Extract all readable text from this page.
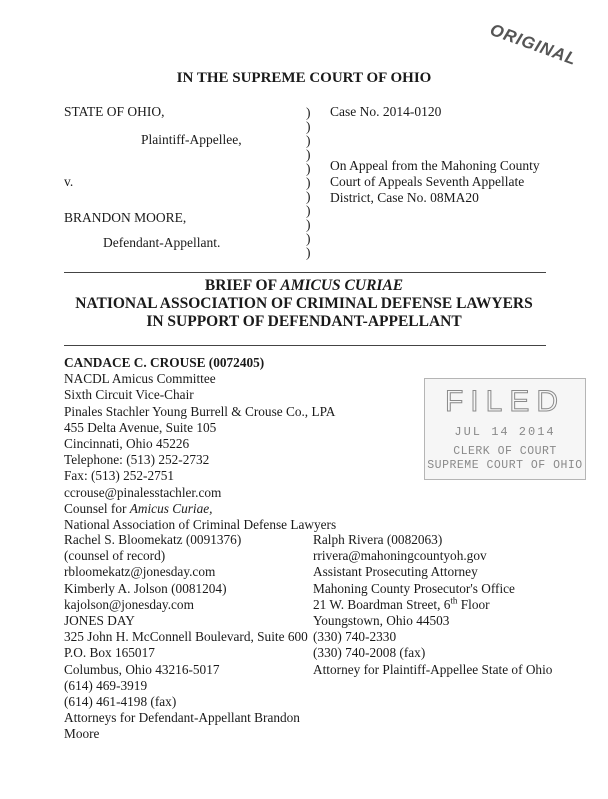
ORIGINAL
IN THE SUPREME COURT OF OHIO
STATE OF OHIO,
Plaintiff-Appellee,
v.
BRANDON MOORE,
Defendant-Appellant.
)
)
)
)
)
)
)
)
)
)
)
Case No. 2014-0120
On Appeal from the Mahoning County
Court of Appeals Seventh Appellate
District, Case No. 08MA20
BRIEF OF AMICUS CURIAE
NATIONAL ASSOCIATION OF CRIMINAL DEFENSE LAWYERS
IN SUPPORT OF DEFENDANT-APPELLANT
CANDACE C. CROUSE (0072405)
NACDL Amicus Committee
Sixth Circuit Vice-Chair
Pinales Stachler Young Burrell & Crouse Co., LPA
455 Delta Avenue, Suite 105
Cincinnati, Ohio 45226
Telephone: (513) 252-2732
Fax: (513) 252-2751
ccrouse@pinalesstachler.com
Counsel for Amicus Curiae,
National Association of Criminal Defense Lawyers
FILED
JUL 14 2014
CLERK OF COURT
SUPREME COURT OF OHIO
Rachel S. Bloomekatz (0091376)
(counsel of record)
rbloomekatz@jonesday.com
Kimberly A. Jolson (0081204)
kajolson@jonesday.com
JONES DAY
325 John H. McConnell Boulevard, Suite 600
P.O. Box 165017
Columbus, Ohio 43216-5017
(614) 469-3919
(614) 461-4198 (fax)
Attorneys for Defendant-Appellant Brandon
Moore
Ralph Rivera (0082063)
rrivera@mahoningcountyoh.gov
Assistant Prosecuting Attorney
Mahoning County Prosecutor's Office
21 W. Boardman Street, 6th Floor
Youngstown, Ohio 44503
(330) 740-2330
(330) 740-2008 (fax)
Attorney for Plaintiff-Appellee State of Ohio
